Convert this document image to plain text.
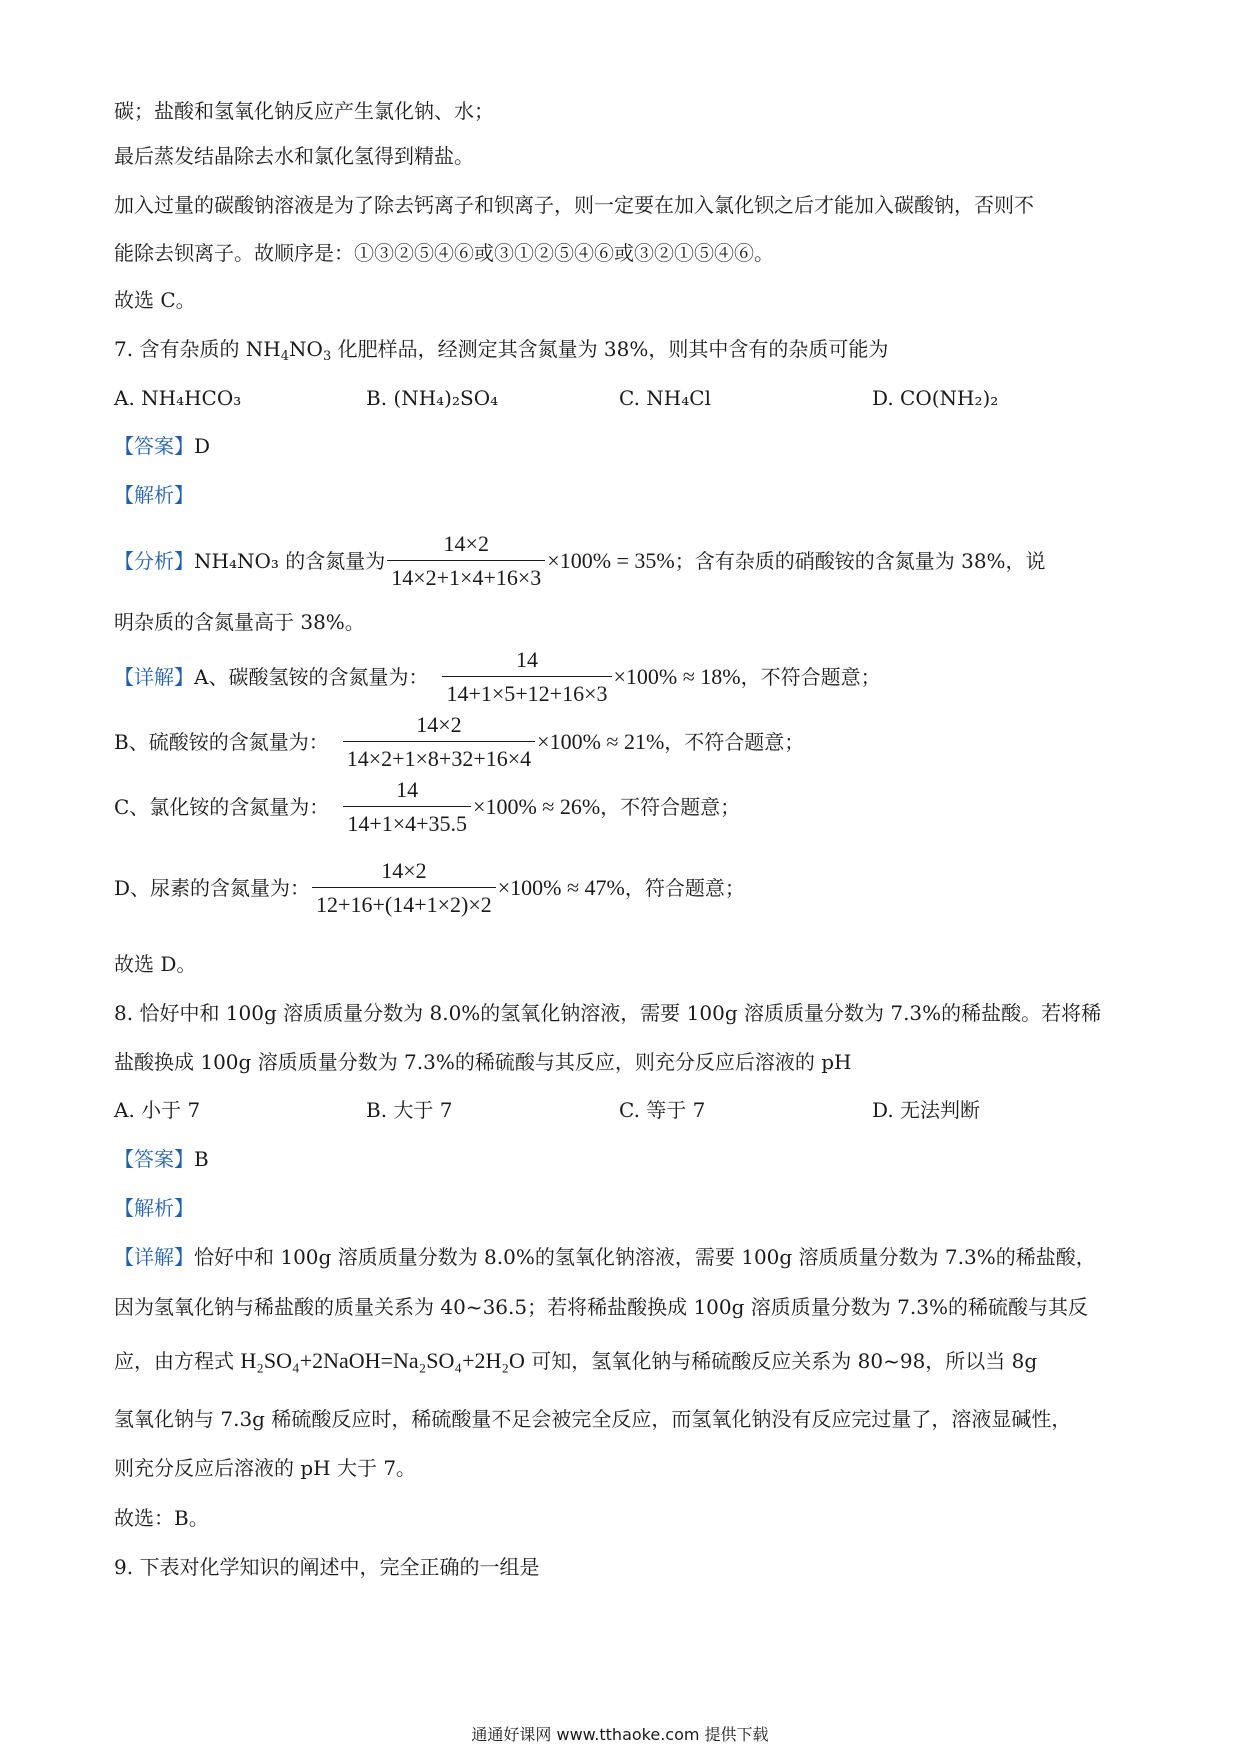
碳；盐酸和氢氧化钠反应产生氯化钠、水；
最后蒸发结晶除去水和氯化氢得到精盐。
加入过量的碳酸钠溶液是为了除去钙离子和钡离子，则一定要在加入氯化钡之后才能加入碳酸钠，否则不
能除去钡离子。故顺序是：①③②⑤④⑥或③①②⑤④⑥或③②①⑤④⑥。
故选 C。
7. 含有杂质的 $NH_4NO_3$ 化肥样品，经测定其含氮量为 38%，则其中含有的杂质可能为
A. NH₄HCO₃	B. (NH₄)₂SO₄	C. NH₄Cl	D. CO(NH₂)₂
【答案】D
【解析】
【分析】 NH₄NO₃ 的含氮量为 $\frac{14\times 2}{14\times 2+1\times 4+16\times 3} \times 100\% = 35\%$ ；含有杂质的硝酸铵的含氮量为 38%，说
明杂质的含氮量高于 38%。
【详解】 A、碳酸氢铵的含氮量为： $\frac{14}{14+1\times 5+12+16\times 3} \times 100\% \approx 18\%$ ，不符合题意；
B、硫酸铵的含氮量为： $\frac{14\times 2}{14\times 2+1\times 8+32+16\times 4} \times 100\% \approx 21\%$ ，不符合题意；
C、氯化铵的含氮量为： $\frac{14}{14+1\times 4+35.5} \times 100\% \approx 26\%$ ，不符合题意；
D、尿素的含氮量为： $\frac{14\times 2}{12+16+(14+1\times 2)\times 2} \times 100\% \approx 47\%$ ，符合题意；
故选 D。
8. 恰好中和 100g 溶质质量分数为 8.0%的氢氧化钠溶液，需要 100g 溶质质量分数为 7.3%的稀盐酸。若将稀
盐酸换成 100g 溶质质量分数为 7.3%的稀硫酸与其反应，则充分反应后溶液的 pH
A. 小于 7	B. 大于 7	C. 等于 7	D. 无法判断
【答案】B
【解析】
【详解】恰好中和 100g 溶质质量分数为 8.0%的氢氧化钠溶液，需要 100g 溶质质量分数为 7.3%的稀盐酸，
因为氢氧化钠与稀盐酸的质量关系为 40~36.5；若将稀盐酸换成 100g 溶质质量分数为 7.3%的稀硫酸与其反
应，由方程式 H₂SO₄+2NaOH=Na₂SO₄+2H₂O 可知，氢氧化钠与稀硫酸反应关系为 80~98，所以当 8g
氢氧化钠与 7.3g 稀硫酸反应时，稀硫酸量不足会被完全反应，而氢氧化钠没有反应完过量了，溶液显碱性，
则充分反应后溶液的 pH 大于 7。
故选：B。
9. 下表对化学知识的阐述中，完全正确的一组是
通通好课网 www.tthaoke.com 提供下载
